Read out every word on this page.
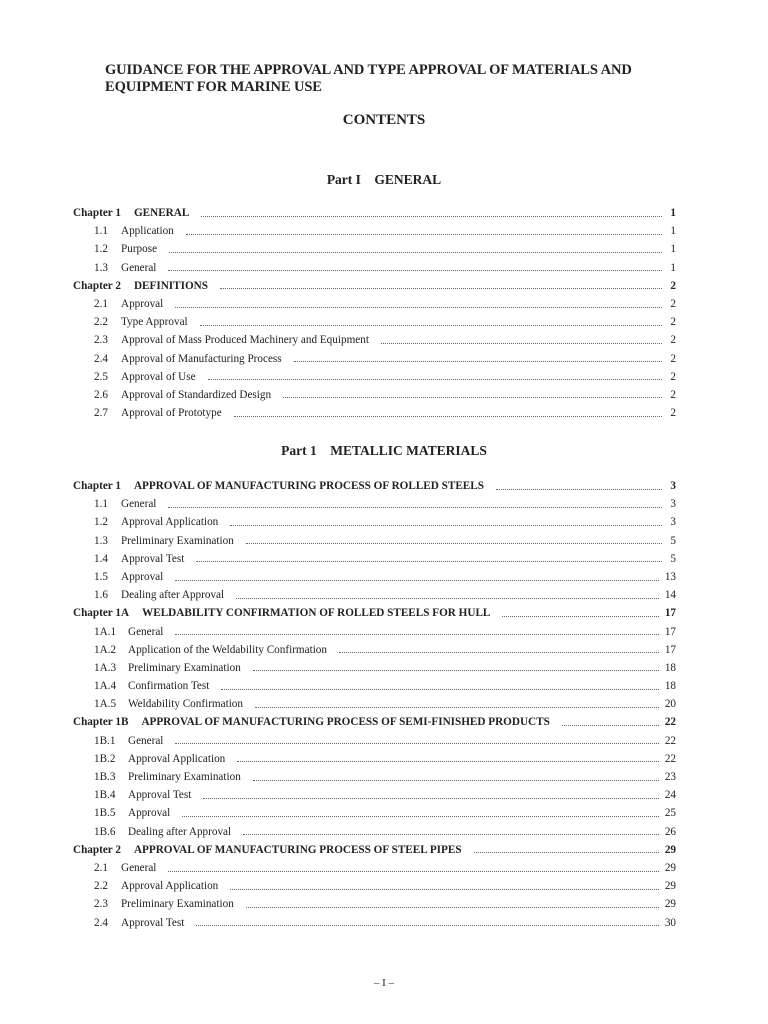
GUIDANCE FOR THE APPROVAL AND TYPE APPROVAL OF MATERIALS AND
EQUIPMENT FOR MARINE USE
CONTENTS
Part I    GENERAL
Chapter 1 GENERAL	1
1.1	Application	1
1.2	Purpose	1
1.3	General	1
Chapter 2 DEFINITIONS	2
2.1	Approval	2
2.2	Type Approval	2
2.3	Approval of Mass Produced Machinery and Equipment	2
2.4	Approval of Manufacturing Process	2
2.5	Approval of Use	2
2.6	Approval of Standardized Design	2
2.7	Approval of Prototype	2
Part 1    METALLIC MATERIALS
Chapter 1 APPROVAL OF MANUFACTURING PROCESS OF ROLLED STEELS	3
1.1	General	3
1.2	Approval Application	3
1.3	Preliminary Examination	5
1.4	Approval Test	5
1.5	Approval	13
1.6	Dealing after Approval	14
Chapter 1A WELDABILITY CONFIRMATION OF ROLLED STEELS FOR HULL	17
1A.1	General	17
1A.2	Application of the Weldability Confirmation	17
1A.3	Preliminary Examination	18
1A.4	Confirmation Test	18
1A.5	Weldability Confirmation	20
Chapter 1B APPROVAL OF MANUFACTURING PROCESS OF SEMI-FINISHED PRODUCTS	22
1B.1	General	22
1B.2	Approval Application	22
1B.3	Preliminary Examination	23
1B.4	Approval Test	24
1B.5	Approval	25
1B.6	Dealing after Approval	26
Chapter 2 APPROVAL OF MANUFACTURING PROCESS OF STEEL PIPES	29
2.1	General	29
2.2	Approval Application	29
2.3	Preliminary Examination	29
2.4	Approval Test	30
– I –
